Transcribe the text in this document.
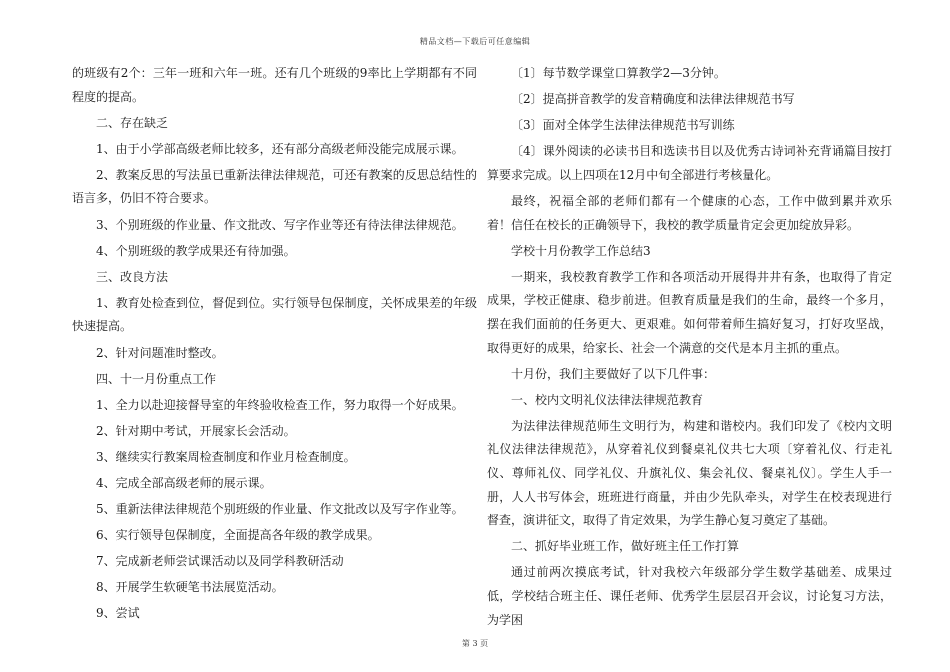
精品文档—下载后可任意编辑

的班级有2个：三年一班和六年一班。还有几个班级的9率比上学期都有不同程度的提高。

二、存在缺乏

1、由于小学部高级老师比较多，还有部分高级老师没能完成展示课。

2、教案反思的写法虽已重新法律法律规范，可还有教案的反思总结性的语言多，仍旧不符合要求。

3、个别班级的作业量、作文批改、写字作业等还有待法律法律规范。

4、个别班级的教学成果还有待加强。

三、改良方法

1、教育处检查到位，督促到位。实行领导包保制度，关怀成果差的年级快速提高。

2、针对问题准时整改。

四、十一月份重点工作

1、全力以赴迎接督导室的年终验收检查工作，努力取得一个好成果。

2、针对期中考试，开展家长会活动。

3、继续实行教案周检查制度和作业月检查制度。

4、完成全部高级老师的展示课。

5、重新法律法律规范个别班级的作业量、作文批改以及写字作业等。

6、实行领导包保制度，全面提高各年级的教学成果。

7、完成新老师尝试课活动以及同学科教研活动

8、开展学生软硬笔书法展览活动。

9、尝试

〔1〕每节数学课堂口算教学2—3分钟。

〔2〕提高拼音教学的发音精确度和法律法律规范书写

〔3〕面对全体学生法律法律规范书写训练

〔4〕课外阅读的必读书目和选读书目以及优秀古诗词补充背诵篇目按打算要求完成。以上四项在12月中旬全部进行考核量化。

最终，祝福全部的老师们都有一个健康的心态，工作中做到累并欢乐着！信任在校长的正确领导下，我校的教学质量肯定会更加绽放异彩。

学校十月份教学工作总结3

一期来，我校教育教学工作和各项活动开展得井井有条，也取得了肯定成果，学校正健康、稳步前进。但教育质量是我们的生命，最终一个多月，摆在我们面前的任务更大、更艰难。如何带着师生搞好复习，打好攻坚战，取得更好的成果，给家长、社会一个满意的交代是本月主抓的重点。

十月份，我们主要做好了以下几件事：

一、校内文明礼仪法律法律规范教育

为法律法律规范师生文明行为，构建和谐校内。我们印发了《校内文明礼仪法律法律规范》，从穿着礼仪到餐桌礼仪共七大项〔穿着礼仪、行走礼仪、尊师礼仪、同学礼仪、升旗礼仪、集会礼仪、餐桌礼仪〕。学生人手一册，人人书写体会，班班进行商量，并由少先队牵头，对学生在校表现进行督查，演讲征文，取得了肯定效果，为学生静心复习奠定了基础。

二、抓好毕业班工作，做好班主任工作打算

通过前两次摸底考试，针对我校六年级部分学生数学基础差、成果过低，学校结合班主任、课任老师、优秀学生层层召开会议，讨论复习方法，为学困

第 3 页
